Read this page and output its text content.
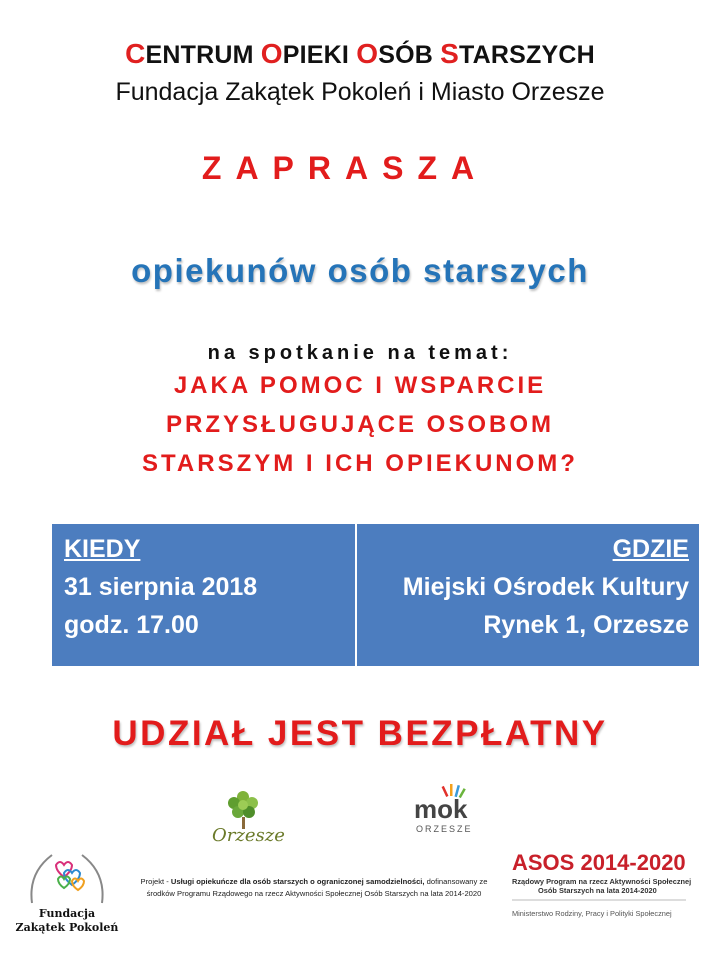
CENTRUM OPIEKI OSÓB STARSZYCH
Fundacja Zakątek Pokoleń i Miasto Orzesze
ZAPRASZA
opiekunów osób starszych
na spotkanie na temat:
JAKA POMOC I WSPARCIE
PRZYSŁUGUJĄCE OSOBOM
STARSZYM I ICH OPIEKUNOM?
KIEDY
31 sierpnia 2018
godz. 17.00
GDZIE
Miejski Ośrodek Kultury
Rynek 1, Orzesze
UDZIAŁ JEST BEZPŁATNY
Orzesze
mok
ORZESZE
Fundacja
Zakątek Pokoleń
Projekt - Usługi opiekuńcze dla osób starszych o ograniczonej samodzielności, dofinansowany ze środków Programu Rządowego na rzecz Aktywności Społecznej Osób Starszych na lata 2014-2020
ASOS 2014-2020
Rządowy Program na rzecz Aktywności Społecznej
Osób Starszych na lata 2014-2020
Ministerstwo Rodziny, Pracy i Polityki Społecznej
